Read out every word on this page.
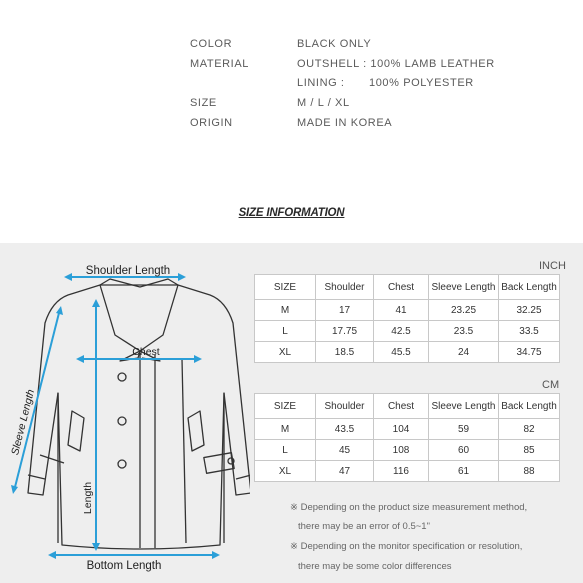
COLOR	BLACK ONLY
MATERIAL	OUTSHELL : 100% LAMB LEATHER
LINING : 100% POLYESTER
SIZE	M / L / XL
ORIGIN	MADE IN KOREA
SIZE INFORMATION
Shoulder Length
Chest
Sleeve Length
Length
Bottom Length
INCH
SIZE	Shoulder	Chest	Sleeve Length	Back Length
M	17	41	23.25	32.25
L	17.75	42.5	23.5	33.5
XL	18.5	45.5	24	34.75
CM
SIZE	Shoulder	Chest	Sleeve Length	Back Length
M	43.5	104	59	82
L	45	108	60	85
XL	47	116	61	88
※ Depending on the product size measurement method,
there may be an error of 0.5~1"
※ Depending on the monitor specification or resolution,
there may be some color differences
